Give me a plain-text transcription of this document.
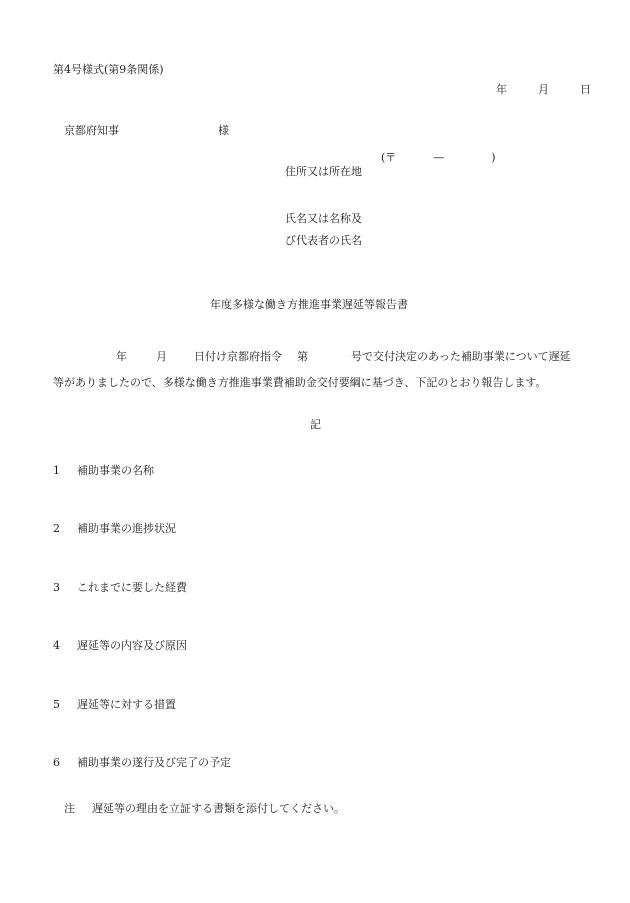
第4号様式(第9条関係)
年	月	日
京都府知事	様
(〒	—	)
住所又は所在地
氏名又は名称及
び代表者の氏名
年度多様な働き方推進事業遅延等報告書
年	月 日付け京都府指令 第	号で交付決定のあった補助事業について遅延
等がありましたので、多様な働き方推進事業費補助金交付要綱に基づき、下記のとおり報告します。
記
1 補助事業の名称
2 補助事業の進捗状況
3 これまでに要した経費
4 遅延等の内容及び原因
5 遅延等に対する措置
6 補助事業の遂行及び完了の予定
注 遅延等の理由を立証する書類を添付してください。
